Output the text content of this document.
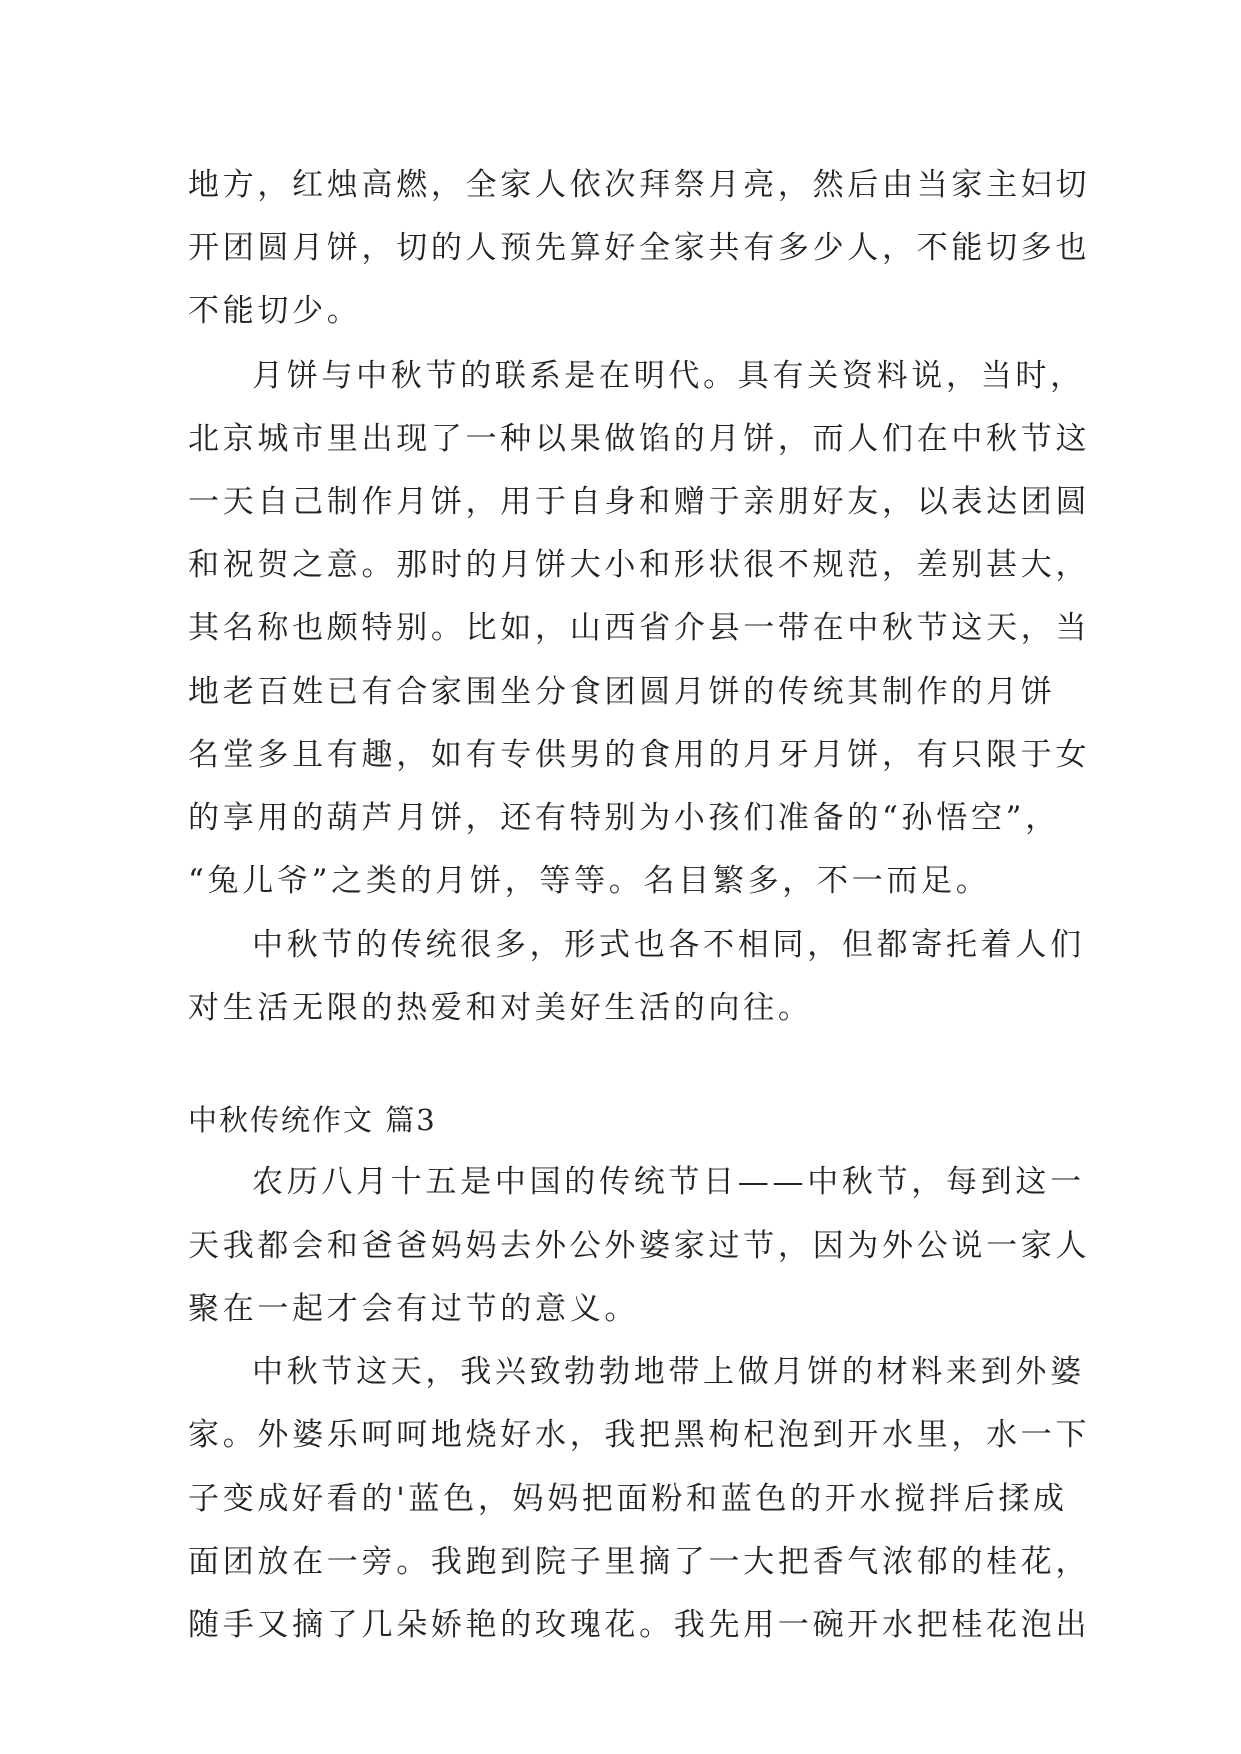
地方，红烛高燃，全家人依次拜祭月亮，然后由当家主妇切
开团圆月饼，切的人预先算好全家共有多少人，不能切多也
不能切少。
月饼与中秋节的联系是在明代。具有关资料说，当时，
北京城市里出现了一种以果做馅的月饼，而人们在中秋节这
一天自己制作月饼，用于自身和赠于亲朋好友，以表达团圆
和祝贺之意。那时的月饼大小和形状很不规范，差别甚大，
其名称也颇特别。比如，山西省介县一带在中秋节这天，当
地老百姓已有合家围坐分食团圆月饼的传统其制作的月饼
名堂多且有趣，如有专供男的食用的月牙月饼，有只限于女
的享用的葫芦月饼，还有特别为小孩们准备的“孙悟空”，
“兔儿爷”之类的月饼，等等。名目繁多，不一而足。
中秋节的传统很多，形式也各不相同，但都寄托着人们
对生活无限的热爱和对美好生活的向往。
中秋传统作文 篇3
农历八月十五是中国的传统节日——中秋节，每到这一
天我都会和爸爸妈妈去外公外婆家过节，因为外公说一家人
聚在一起才会有过节的意义。
中秋节这天，我兴致勃勃地带上做月饼的材料来到外婆
家。外婆乐呵呵地烧好水，我把黑枸杞泡到开水里，水一下
子变成好看的'蓝色，妈妈把面粉和蓝色的开水搅拌后揉成
面团放在一旁。我跑到院子里摘了一大把香气浓郁的桂花，
随手又摘了几朵娇艳的玫瑰花。我先用一碗开水把桂花泡出
